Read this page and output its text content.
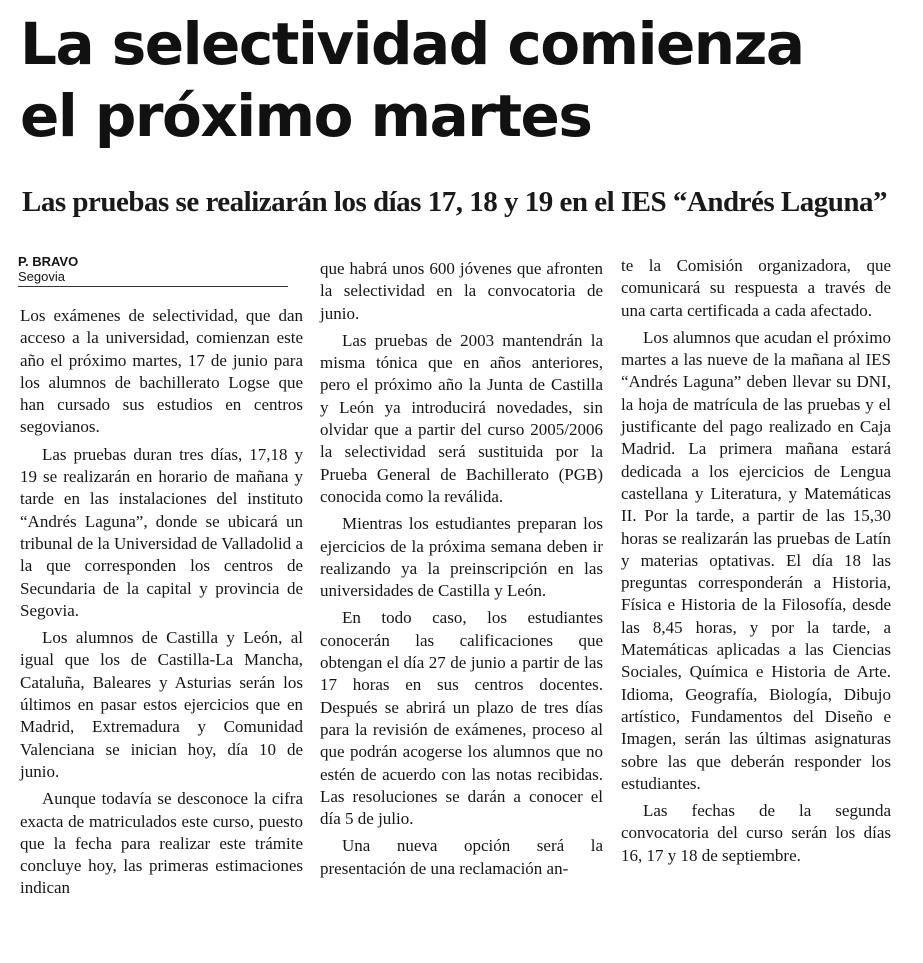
La selectividad comienza
el próximo martes
Las pruebas se realizarán los días 17, 18 y 19 en el IES “Andrés Laguna”
P. BRAVO
Segovia

Los exámenes de selectividad, que dan acceso a la universidad, comienzan este año el próximo martes, 17 de junio para los alumnos de bachillerato Logse que han cursado sus estudios en centros segovianos.

Las pruebas duran tres días, 17,18 y 19 se realizarán en horario de mañana y tarde en las instalaciones del instituto “Andrés Laguna”, donde se ubicará un tribunal de la Universidad de Valladolid a la que corresponden los centros de Secundaria de la capital y provincia de Segovia.

Los alumnos de Castilla y León, al igual que los de Castilla-La Mancha, Cataluña, Baleares y Asturias serán los últimos en pasar estos ejercicios que en Madrid, Extremadura y Comunidad Valenciana se inician hoy, día 10 de junio.

Aunque todavía se desconoce la cifra exacta de matriculados este curso, puesto que la fecha para realizar este trámite concluye hoy, las primeras estimaciones indican

que habrá unos 600 jóvenes que afronten la selectividad en la convocatoria de junio.

Las pruebas de 2003 mantendrán la misma tónica que en años anteriores, pero el próximo año la Junta de Castilla y León ya introducirá novedades, sin olvidar que a partir del curso 2005/2006 la selectividad será sustituida por la Prueba General de Bachillerato (PGB) conocida como la reválida.

Mientras los estudiantes preparan los ejercicios de la próxima semana deben ir realizando ya la preinscripción en las universidades de Castilla y León.

En todo caso, los estudiantes conocerán las calificaciones que obtengan el día 27 de junio a partir de las 17 horas en sus centros docentes. Después se abrirá un plazo de tres días para la revisión de exámenes, proceso al que podrán acogerse los alumnos que no estén de acuerdo con las notas recibidas. Las resoluciones se darán a conocer el día 5 de julio.

Una nueva opción será la presentación de una reclamación an-

te la Comisión organizadora, que comunicará su respuesta a través de una carta certificada a cada afectado.

Los alumnos que acudan el próximo martes a las nueve de la mañana al IES “Andrés Laguna” deben llevar su DNI, la hoja de matrícula de las pruebas y el justificante del pago realizado en Caja Madrid. La primera mañana estará dedicada a los ejercicios de Lengua castellana y Literatura, y Matemáticas II. Por la tarde, a partir de las 15,30 horas se realizarán las pruebas de Latín y materias optativas. El día 18 las preguntas corresponderán a Historia, Física e Historia de la Filosofía, desde las 8,45 horas, y por la tarde, a Matemáticas aplicadas a las Ciencias Sociales, Química e Historia de Arte. Idioma, Geografía, Biología, Dibujo artístico, Fundamentos del Diseño e Imagen, serán las últimas asignaturas sobre las que deberán responder los estudiantes.

Las fechas de la segunda convocatoria del curso serán los días 16, 17 y 18 de septiembre.
